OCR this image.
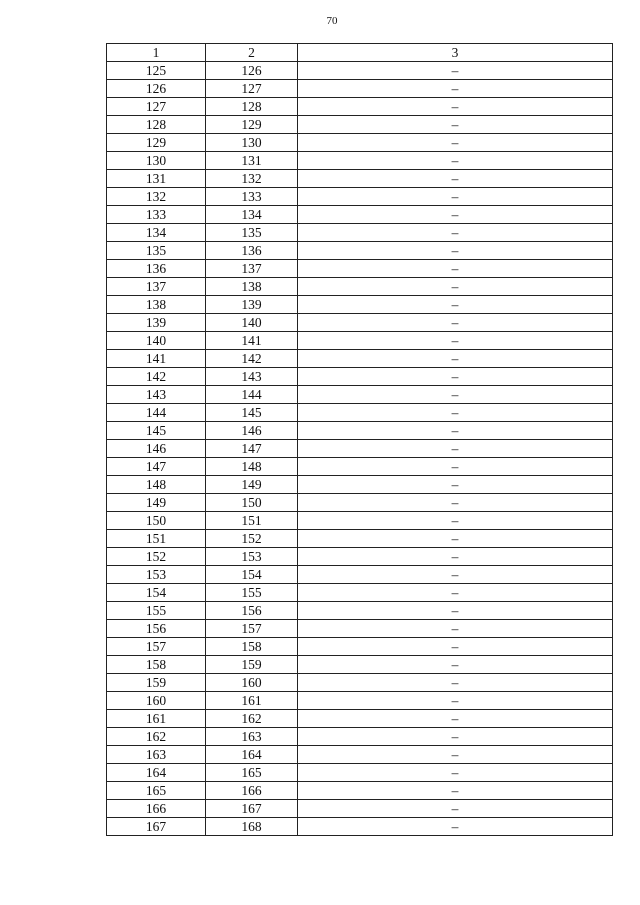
70
1	2	3
125	126	–
126	127	–
127	128	–
128	129	–
129	130	–
130	131	–
131	132	–
132	133	–
133	134	–
134	135	–
135	136	–
136	137	–
137	138	–
138	139	–
139	140	–
140	141	–
141	142	–
142	143	–
143	144	–
144	145	–
145	146	–
146	147	–
147	148	–
148	149	–
149	150	–
150	151	–
151	152	–
152	153	–
153	154	–
154	155	–
155	156	–
156	157	–
157	158	–
158	159	–
159	160	–
160	161	–
161	162	–
162	163	–
163	164	–
164	165	–
165	166	–
166	167	–
167	168	–
